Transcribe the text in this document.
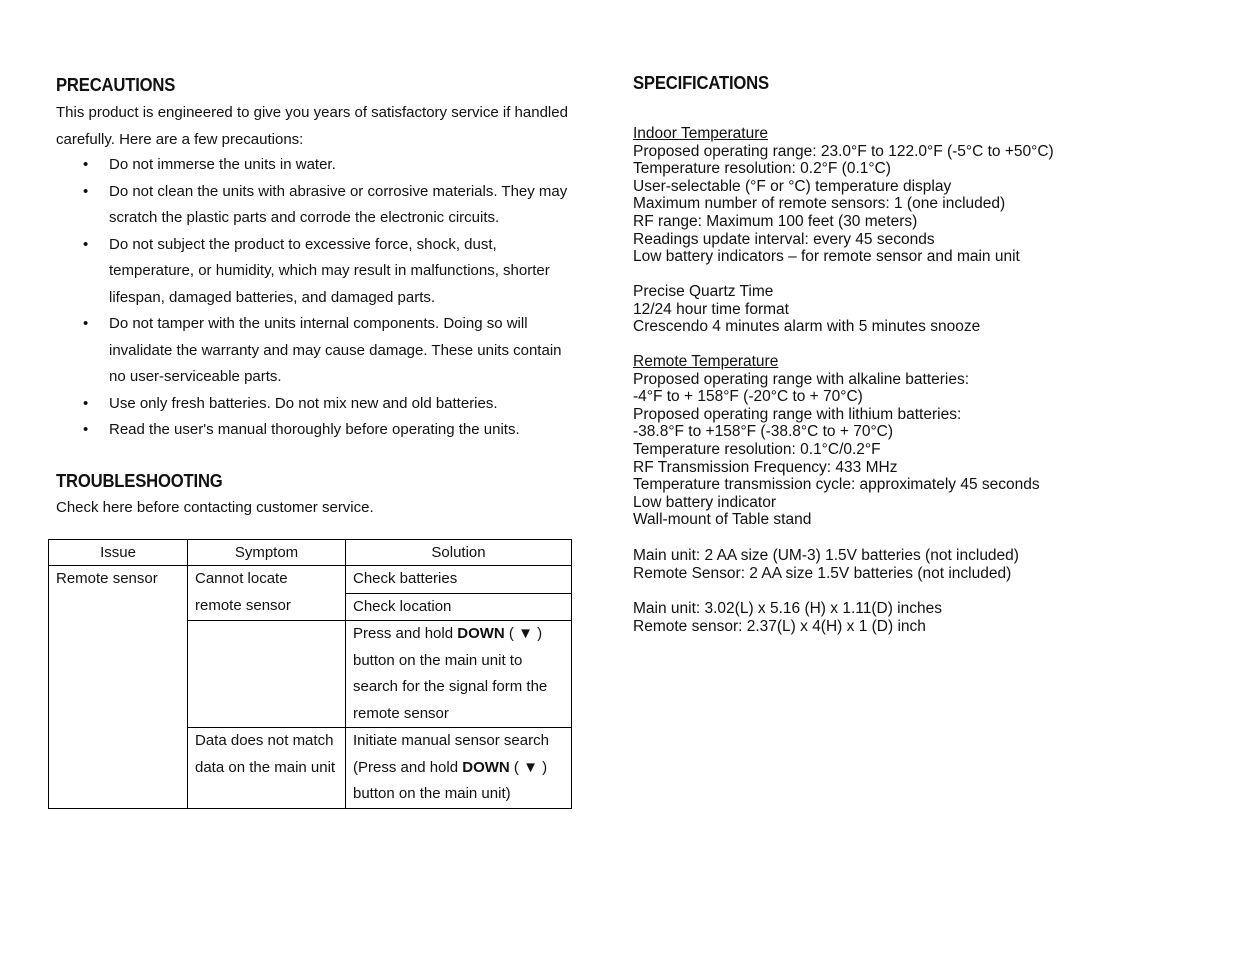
PRECAUTIONS
This product is engineered to give you years of satisfactory service if handled carefully. Here are a few precautions:
• Do not immerse the units in water.
• Do not clean the units with abrasive or corrosive materials. They may scratch the plastic parts and corrode the electronic circuits.
• Do not subject the product to excessive force, shock, dust, temperature, or humidity, which may result in malfunctions, shorter lifespan, damaged batteries, and damaged parts.
• Do not tamper with the units internal components. Doing so will invalidate the warranty and may cause damage. These units contain no user-serviceable parts.
• Use only fresh batteries. Do not mix new and old batteries.
• Read the user's manual thoroughly before operating the units.
TROUBLESHOOTING
Check here before contacting customer service.
Issue	Symptom	Solution
Remote sensor	Cannot locate remote sensor	Check batteries
		Check location
		Press and hold DOWN ( ▼ ) button on the main unit to search for the signal form the remote sensor
	Data does not match data on the main unit	Initiate manual sensor search (Press and hold DOWN ( ▼ ) button on the main unit)
SPECIFICATIONS
Indoor Temperature
Proposed operating range: 23.0°F to 122.0°F (-5°C to +50°C)
Temperature resolution: 0.2°F (0.1°C)
User-selectable (°F or °C) temperature display
Maximum number of remote sensors: 1 (one included)
RF range: Maximum 100 feet (30 meters)
Readings update interval: every 45 seconds
Low battery indicators – for remote sensor and main unit
Precise Quartz Time
12/24 hour time format
Crescendo 4 minutes alarm with 5 minutes snooze
Remote Temperature
Proposed operating range with alkaline batteries:
-4°F to + 158°F (-20°C to + 70°C)
Proposed operating range with lithium batteries:
-38.8°F to +158°F (-38.8°C to + 70°C)
Temperature resolution: 0.1°C/0.2°F
RF Transmission Frequency: 433 MHz
Temperature transmission cycle: approximately 45 seconds
Low battery indicator
Wall-mount of Table stand
Main unit: 2 AA size (UM-3) 1.5V batteries (not included)
Remote Sensor: 2 AA size 1.5V batteries (not included)
Main unit: 3.02(L) x 5.16 (H) x 1.11(D) inches
Remote sensor: 2.37(L) x 4(H) x 1 (D) inch
